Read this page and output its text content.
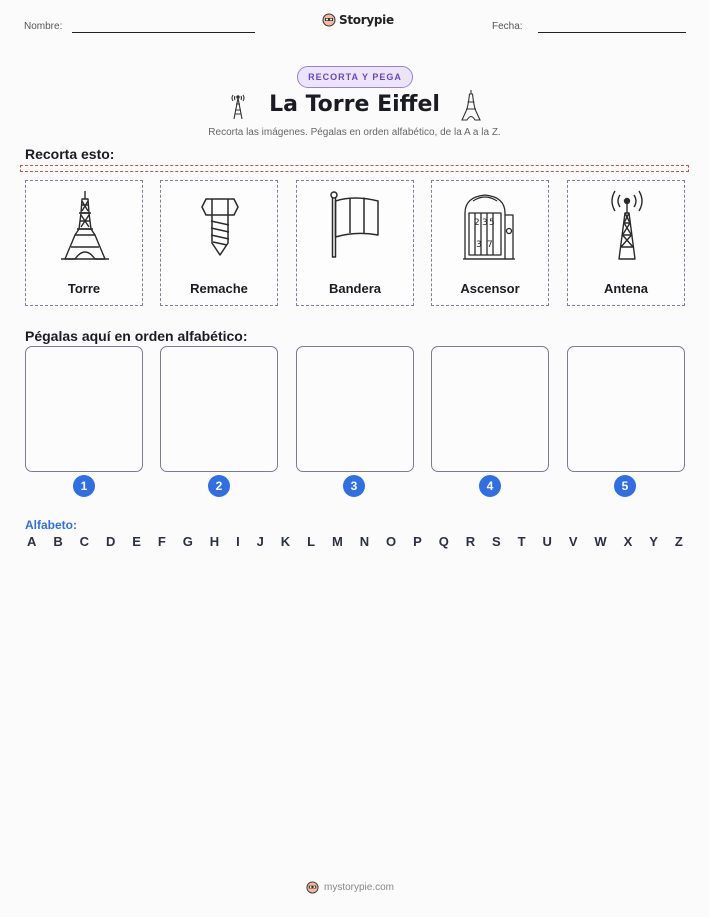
Nombre:	Storypie	Fecha:
RECORTA Y PEGA
La Torre Eiffel
Recorta las imágenes. Pégalas en orden alfabético, de la A a la Z.
Recorta esto:
Torre	Remache	Bandera
2 3 5
3 7
Ascensor	Antena
Pégalas aquí en orden alfabético:
1	2	3	4	5
Alfabeto:
A B C D E F G H I J K L M N O P Q R S T U V W X Y Z
mystorypie.com
